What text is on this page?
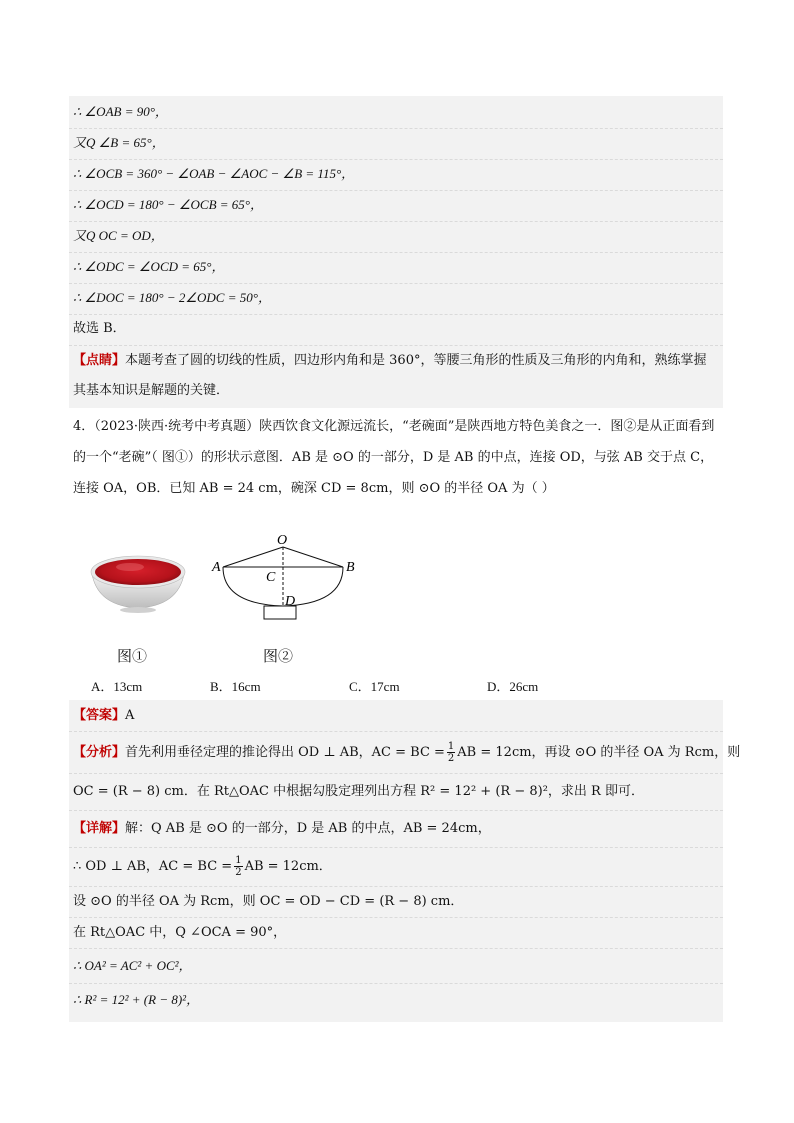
∴ ∠OAB = 90°，
又Q ∠B = 65°，
∴ ∠OCB = 360° − ∠OAB − ∠AOC − ∠B = 115°，
∴ ∠OCD = 180° − ∠OCB = 65°，
又Q OC = OD，
∴ ∠ODC = ∠OCD = 65°，
∴ ∠DOC = 180° − 2∠ODC = 50°，
故选 B．
【点睛】本题考查了圆的切线的性质，四边形内角和是 360°，等腰三角形的性质及三角形的内角和，熟练掌握其基本知识是解题的关键．
4．（2023·陕西·统考中考真题）陕西饮食文化源远流长，“老碗面”是陕西地方特色美食之一．图②是从正面看到的一个“老碗”（ 图①）的形状示意图．AB 是 ⊙O 的一部分，D 是 AB 的中点，连接 OD，与弦 AB 交于点 C，连接 OA，OB．已知 AB = 24 cm，碗深 CD = 8cm，则 ⊙O 的半径 OA 为（ ）
O
A	B
C
D
图①	图②
A．13cm	B．16cm	C．17cm	D．26cm
【答案】A
【分析】首先利用垂径定理的推论得出 OD ⊥ AB，AC = BC = $\frac{1}{2}$ AB = 12cm，再设 ⊙O 的半径 OA 为 Rcm，则
OC = (R − 8) cm．在 Rt△OAC 中根据勾股定理列出方程 R² = 12² + (R − 8)²，求出 R 即可．
【详解】解：Q AB 是 ⊙O 的一部分，D 是 AB 的中点，AB = 24cm，
∴ OD ⊥ AB，AC = BC = $\frac{1}{2}$ AB = 12cm．
设 ⊙O 的半径 OA 为 Rcm，则 OC = OD − CD = (R − 8) cm．
在 Rt△OAC 中，Q ∠OCA = 90°，
∴ OA² = AC² + OC²，
∴ R² = 12² + (R − 8)²，
